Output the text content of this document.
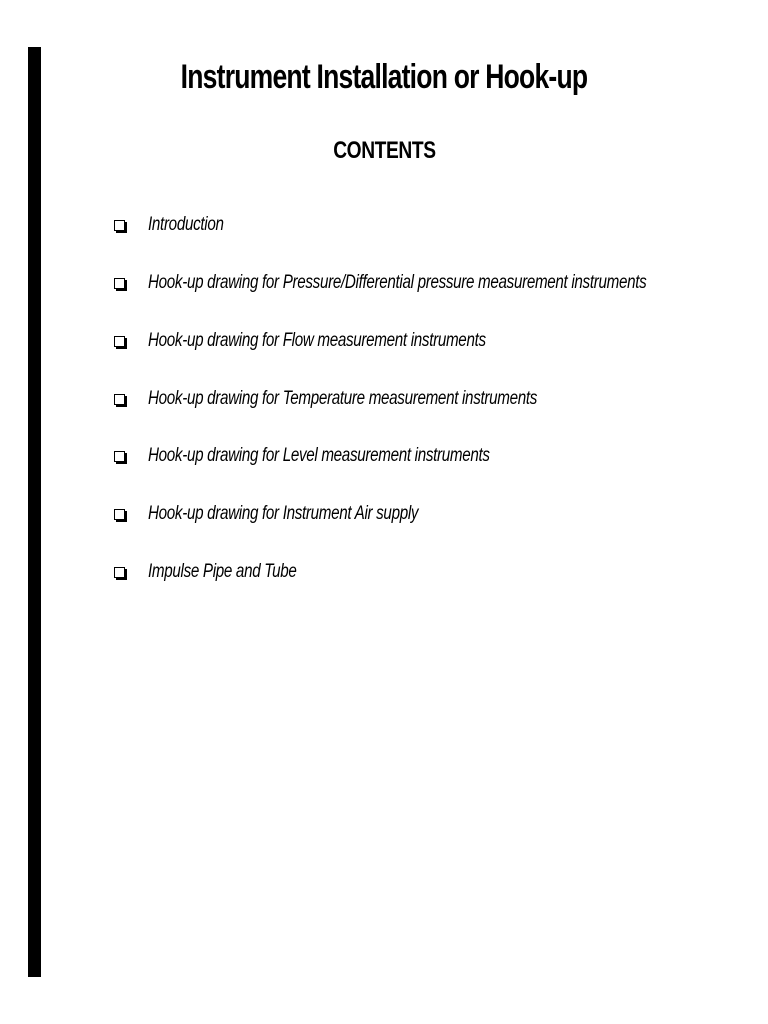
Instrument Installation or Hook-up
CONTENTS
Introduction
Hook-up drawing for Pressure/Differential pressure measurement instruments
Hook-up drawing for Flow measurement instruments
Hook-up drawing for Temperature measurement instruments
Hook-up drawing for Level measurement instruments
Hook-up drawing for Instrument Air supply
Impulse Pipe and Tube
